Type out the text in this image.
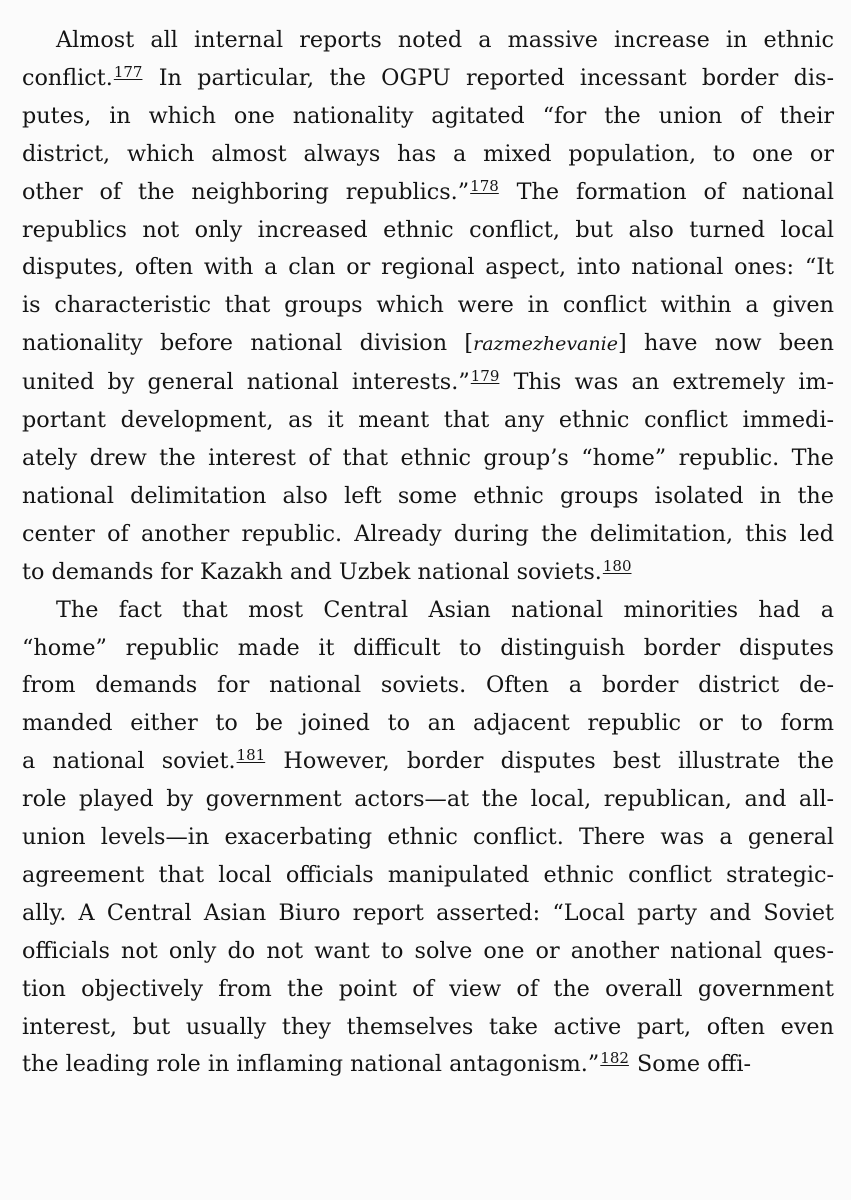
Almost all internal reports noted a massive increase in ethnic
conflict.$^{177}$ In particular, the OGPU reported incessant border dis-
putes, in which one nationality agitated “for the union of their
district, which almost always has a mixed population, to one or
other of the neighboring republics.”$^{178}$ The formation of national
republics not only increased ethnic conflict, but also turned local
disputes, often with a clan or regional aspect, into national ones: “It
is characteristic that groups which were in conflict within a given
nationality before national division [razmezhevanie] have now been
united by general national interests.”$^{179}$ This was an extremely im-
portant development, as it meant that any ethnic conflict immedi-
ately drew the interest of that ethnic group’s “home” republic. The
national delimitation also left some ethnic groups isolated in the
center of another republic. Already during the delimitation, this led
to demands for Kazakh and Uzbek national soviets.$^{180}$

The fact that most Central Asian national minorities had a
“home” republic made it difficult to distinguish border disputes
from demands for national soviets. Often a border district de-
manded either to be joined to an adjacent republic or to form
a national soviet.$^{181}$ However, border disputes best illustrate the
role played by government actors—at the local, republican, and all-
union levels—in exacerbating ethnic conflict. There was a general
agreement that local officials manipulated ethnic conflict strategic-
ally. A Central Asian Biuro report asserted: “Local party and Soviet
officials not only do not want to solve one or another national ques-
tion objectively from the point of view of the overall government
interest, but usually they themselves take active part, often even
the leading role in inflaming national antagonism.”$^{182}$ Some offi-
